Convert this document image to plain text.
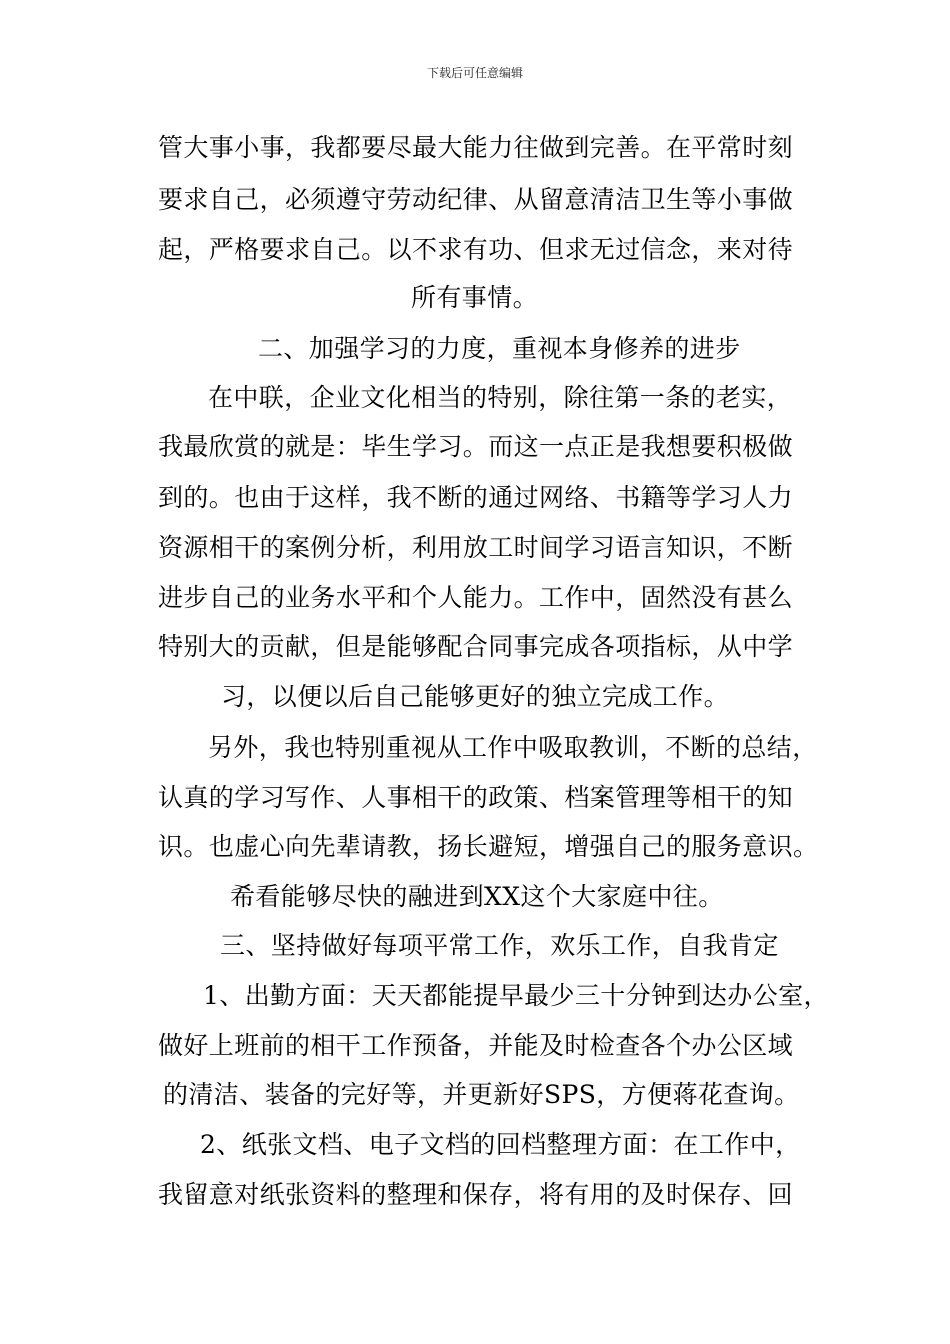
下载后可任意编辑
管大事小事，我都要尽最大能力往做到完善。在平常时刻
要求自己，必须遵守劳动纪律、从留意清洁卫生等小事做
起，严格要求自己。以不求有功、但求无过信念，来对待
所有事情。
二、加强学习的力度，重视本身修养的进步
在中联，企业文化相当的特别，除往第一条的老实，
我最欣赏的就是：毕生学习。而这一点正是我想要积极做
到的。也由于这样，我不断的通过网络、书籍等学习人力
资源相干的案例分析，利用放工时间学习语言知识，不断
进步自己的业务水平和个人能力。工作中，固然没有甚么
特别大的贡献，但是能够配合同事完成各项指标，从中学
习，以便以后自己能够更好的独立完成工作。
另外，我也特别重视从工作中吸取教训，不断的总结，
认真的学习写作、人事相干的政策、档案管理等相干的知
识。也虚心向先辈请教，扬长避短，增强自己的服务意识。
希看能够尽快的融进到XX这个大家庭中往。
三、坚持做好每项平常工作，欢乐工作，自我肯定
1、出勤方面：天天都能提早最少三十分钟到达办公室，
做好上班前的相干工作预备，并能及时检查各个办公区域
的清洁、装备的完好等，并更新好SPS，方便蒋花查询。
2、纸张文档、电子文档的回档整理方面：在工作中，
我留意对纸张资料的整理和保存，将有用的及时保存、回
